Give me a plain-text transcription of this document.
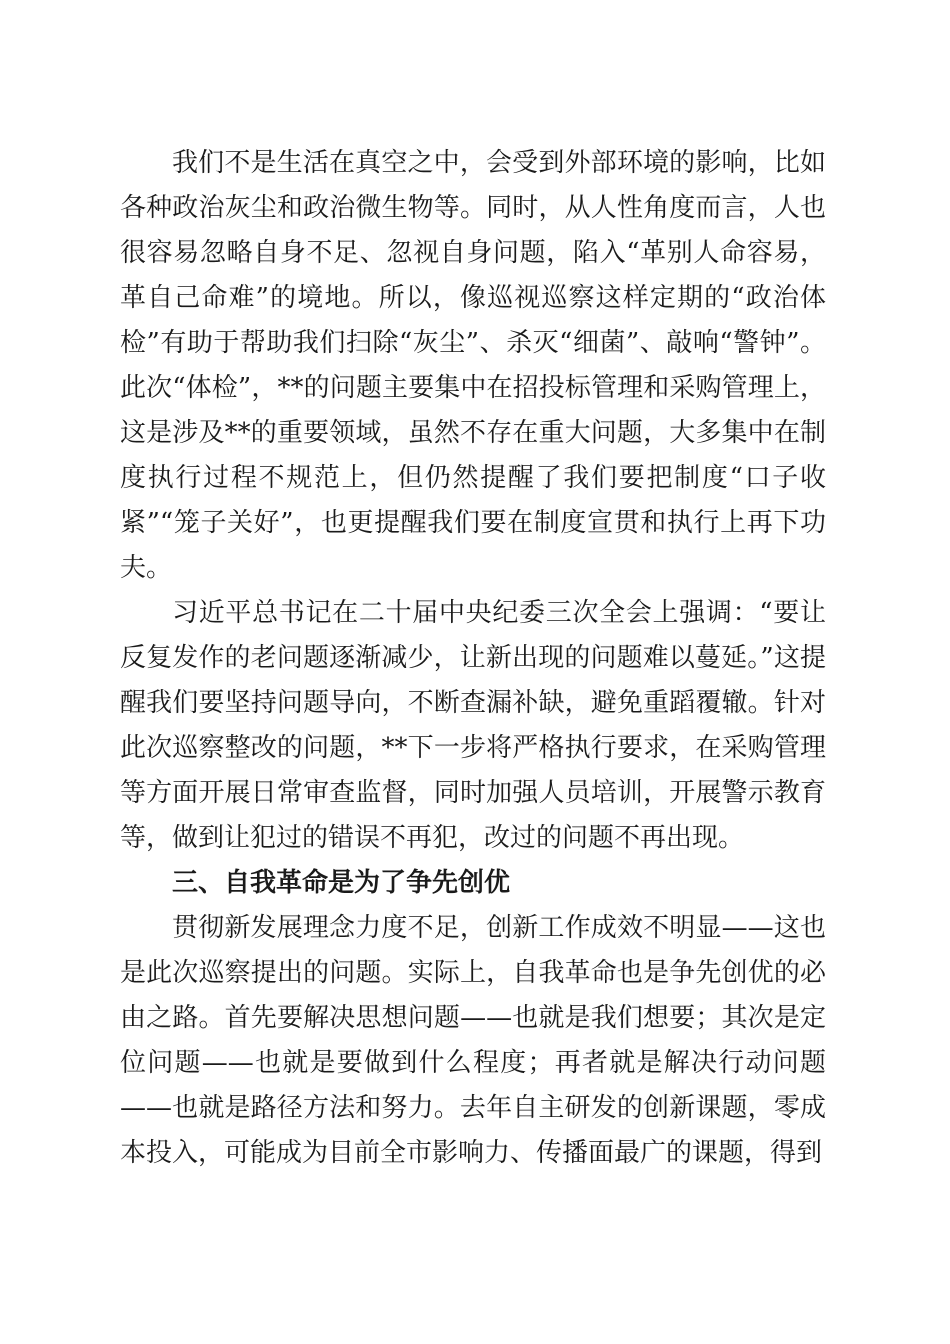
我们不是生活在真空之中，会受到外部环境的影响，比如各种政治灰尘和政治微生物等。同时，从人性角度而言，人也很容易忽略自身不足、忽视自身问题，陷入“革别人命容易，革自己命难”的境地。所以，像巡视巡察这样定期的“政治体检”有助于帮助我们扫除“灰尘”、杀灭“细菌”、敲响“警钟”。此次“体检”，**的问题主要集中在招投标管理和采购管理上，这是涉及**的重要领域，虽然不存在重大问题，大多集中在制度执行过程不规范上，但仍然提醒了我们要把制度“口子收紧”“笼子关好”，也更提醒我们要在制度宣贯和执行上再下功夫。

习近平总书记在二十届中央纪委三次全会上强调：“要让反复发作的老问题逐渐减少，让新出现的问题难以蔓延。”这提醒我们要坚持问题导向，不断查漏补缺，避免重蹈覆辙。针对此次巡察整改的问题，**下一步将严格执行要求，在采购管理等方面开展日常审查监督，同时加强人员培训，开展警示教育等，做到让犯过的错误不再犯，改过的问题不再出现。

三、自我革命是为了争先创优

贯彻新发展理念力度不足，创新工作成效不明显——这也是此次巡察提出的问题。实际上，自我革命也是争先创优的必由之路。首先要解决思想问题——也就是我们想要；其次是定位问题——也就是要做到什么程度；再者就是解决行动问题——也就是路径方法和努力。去年自主研发的创新课题，零成本投入，可能成为目前全市影响力、传播面最广的课题，得到
